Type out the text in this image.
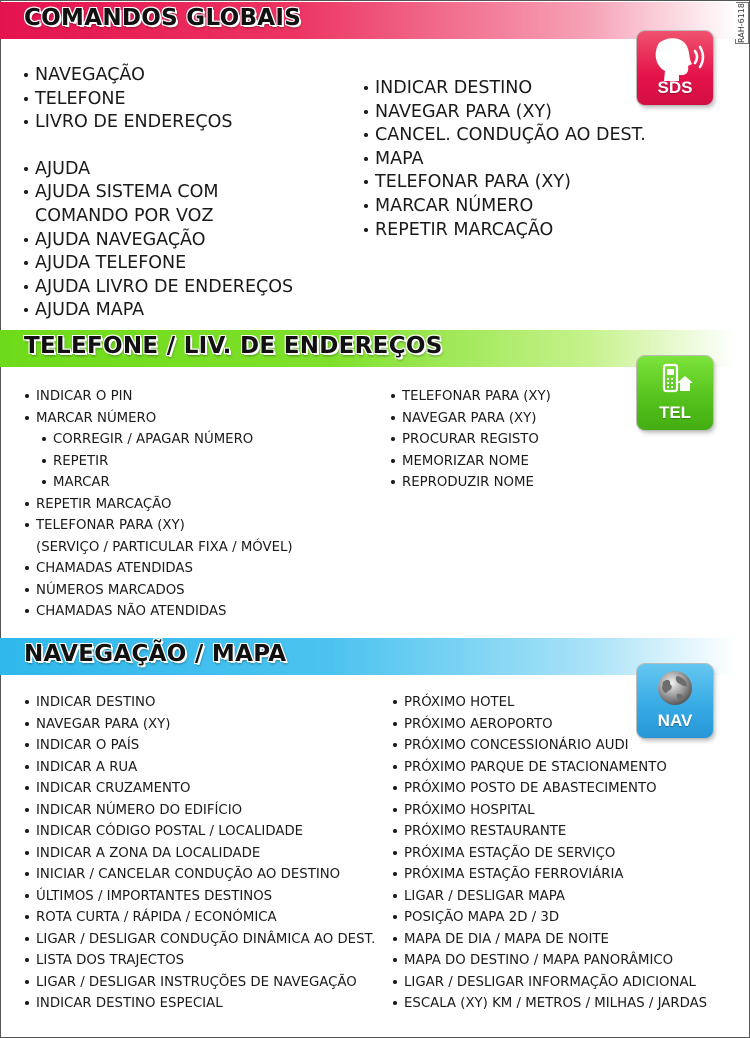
RAH-6118
COMANDOS GLOBAIS
SDS
NAVEGAÇÃO
TELEFONE
LIVRO DE ENDEREÇOS
AJUDA
AJUDA SISTEMA COM
COMANDO POR VOZ
AJUDA NAVEGAÇÃO
AJUDA TELEFONE
AJUDA LIVRO DE ENDEREÇOS
AJUDA MAPA
INDICAR DESTINO
NAVEGAR PARA (XY)
CANCEL. CONDUÇÃO AO DEST.
MAPA
TELEFONAR PARA (XY)
MARCAR NÚMERO
REPETIR MARCAÇÃO
TELEFONE / LIV. DE ENDEREÇOS
TEL
INDICAR O PIN
MARCAR NÚMERO
CORREGIR / APAGAR NÚMERO
REPETIR
MARCAR
REPETIR MARCAÇÃO
TELEFONAR PARA (XY)
(SERVIÇO / PARTICULAR FIXA / MÓVEL)
CHAMADAS ATENDIDAS
NÚMEROS MARCADOS
CHAMADAS NÃO ATENDIDAS
TELEFONAR PARA (XY)
NAVEGAR PARA (XY)
PROCURAR REGISTO
MEMORIZAR NOME
REPRODUZIR NOME
NAVEGAÇÃO / MAPA
NAV
INDICAR DESTINO
NAVEGAR PARA (XY)
INDICAR O PAÍS
INDICAR A RUA
INDICAR CRUZAMENTO
INDICAR NÚMERO DO EDIFÍCIO
INDICAR CÓDIGO POSTAL / LOCALIDADE
INDICAR A ZONA DA LOCALIDADE
INICIAR / CANCELAR CONDUÇÃO AO DESTINO
ÚLTIMOS / IMPORTANTES DESTINOS
ROTA CURTA / RÁPIDA / ECONÓMICA
LIGAR / DESLIGAR CONDUÇÃO DINÂMICA AO DEST.
LISTA DOS TRAJECTOS
LIGAR / DESLIGAR INSTRUÇÕES DE NAVEGAÇÃO
INDICAR DESTINO ESPECIAL
PRÓXIMO HOTEL
PRÓXIMO AEROPORTO
PRÓXIMO CONCESSIONÁRIO AUDI
PRÓXIMO PARQUE DE STACIONAMENTO
PRÓXIMO POSTO DE ABASTECIMENTO
PRÓXIMO HOSPITAL
PRÓXIMO RESTAURANTE
PRÓXIMA ESTAÇÃO DE SERVIÇO
PRÓXIMA ESTAÇÃO FERROVIÁRIA
LIGAR / DESLIGAR MAPA
POSIÇÃO MAPA 2D / 3D
MAPA DE DIA / MAPA DE NOITE
MAPA DO DESTINO / MAPA PANORÂMICO
LIGAR / DESLIGAR INFORMAÇÃO ADICIONAL
ESCALA (XY) KM / METROS / MILHAS / JARDAS
